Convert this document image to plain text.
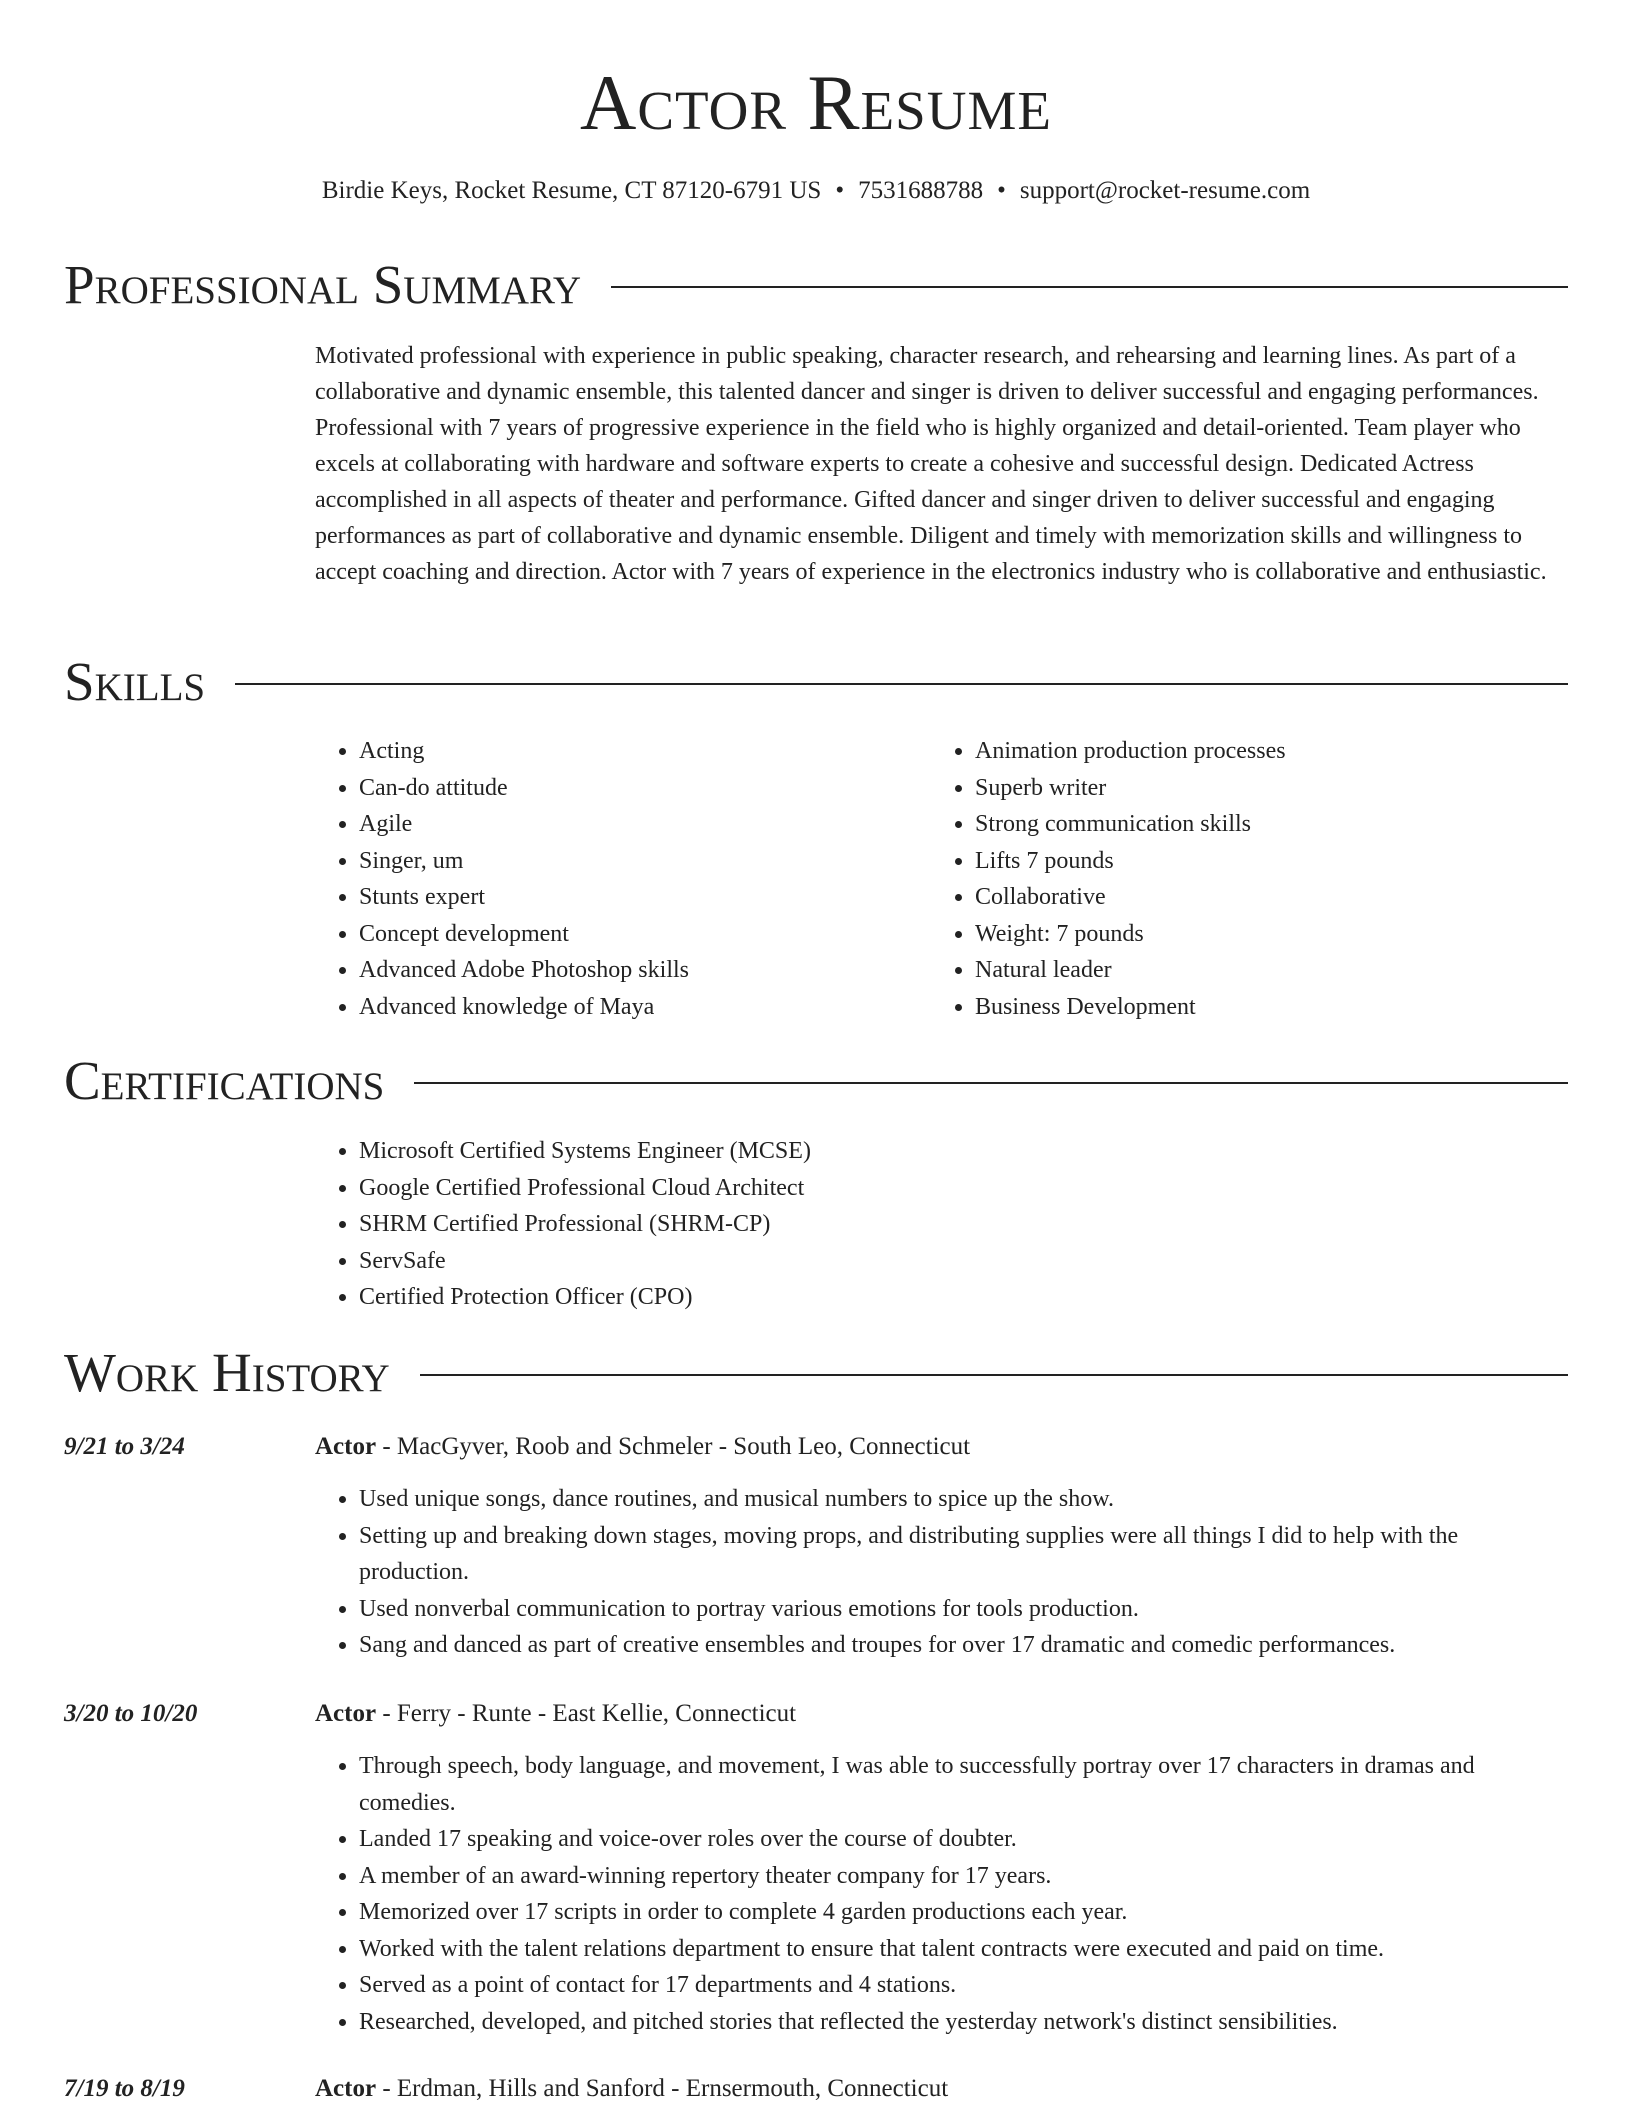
Actor Resume
Birdie Keys, Rocket Resume, CT 87120-6791 US • 7531688788 • support@rocket-resume.com
Professional Summary

Motivated professional with experience in public speaking, character research, and rehearsing and learning lines. As part of a collaborative and dynamic ensemble, this talented dancer and singer is driven to deliver successful and engaging performances. Professional with 7 years of progressive experience in the field who is highly organized and detail-oriented. Team player who excels at collaborating with hardware and software experts to create a cohesive and successful design. Dedicated Actress accomplished in all aspects of theater and performance. Gifted dancer and singer driven to deliver successful and engaging performances as part of collaborative and dynamic ensemble. Diligent and timely with memorization skills and willingness to accept coaching and direction. Actor with 7 years of experience in the electronics industry who is collaborative and enthusiastic.

Skills
• Acting
• Can-do attitude
• Agile
• Singer, um
• Stunts expert
• Concept development
• Advanced Adobe Photoshop skills
• Advanced knowledge of Maya
• Animation production processes
• Superb writer
• Strong communication skills
• Lifts 7 pounds
• Collaborative
• Weight: 7 pounds
• Natural leader
• Business Development
Certifications
• Microsoft Certified Systems Engineer (MCSE)
• Google Certified Professional Cloud Architect
• SHRM Certified Professional (SHRM-CP)
• ServSafe
• Certified Protection Officer (CPO)
Work History
9/21 to 3/24	Actor - MacGyver, Roob and Schmeler - South Leo, Connecticut
• Used unique songs, dance routines, and musical numbers to spice up the show.
• Setting up and breaking down stages, moving props, and distributing supplies were all things I did to help with the production.
• Used nonverbal communication to portray various emotions for tools production.
• Sang and danced as part of creative ensembles and troupes for over 17 dramatic and comedic performances.
3/20 to 10/20	Actor - Ferry - Runte - East Kellie, Connecticut
• Through speech, body language, and movement, I was able to successfully portray over 17 characters in dramas and comedies.
• Landed 17 speaking and voice-over roles over the course of doubter.
• A member of an award-winning repertory theater company for 17 years.
• Memorized over 17 scripts in order to complete 4 garden productions each year.
• Worked with the talent relations department to ensure that talent contracts were executed and paid on time.
• Served as a point of contact for 17 departments and 4 stations.
• Researched, developed, and pitched stories that reflected the yesterday network's distinct sensibilities.
7/19 to 8/19	Actor - Erdman, Hills and Sanford - Ernsermouth, Connecticut
